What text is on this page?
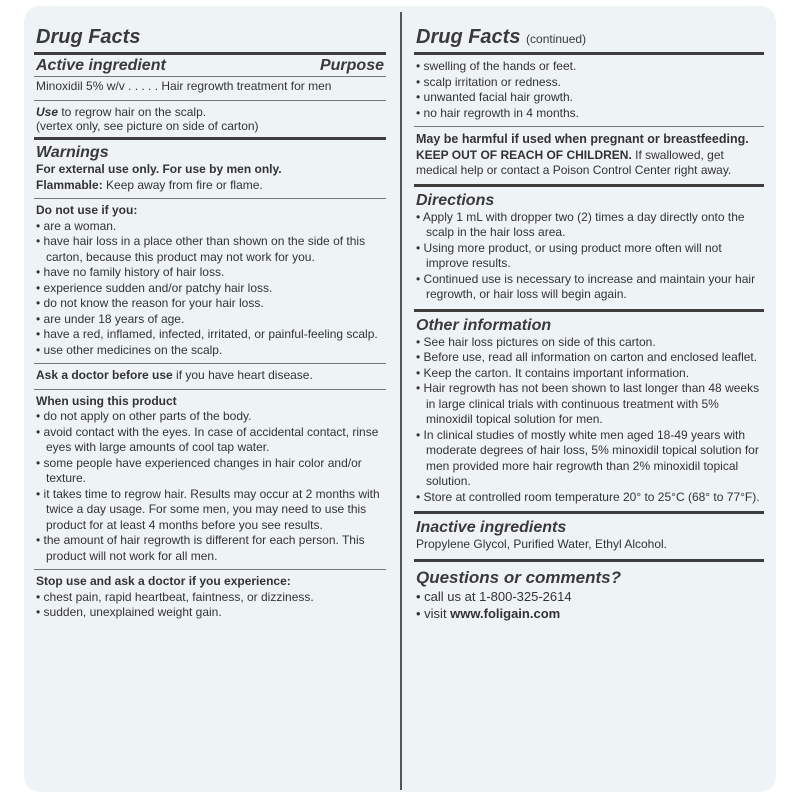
Drug Facts
Active ingredient	Purpose
Minoxidil 5% w/v . . . . . Hair regrowth treatment for men
Use to regrow hair on the scalp.
(vertex only, see picture on side of carton)
Warnings
For external use only. For use by men only.
Flammable: Keep away from fire or flame.
Do not use if you:
• are a woman.
• have hair loss in a place other than shown on the side of this carton, because this product may not work for you.
• have no family history of hair loss.
• experience sudden and/or patchy hair loss.
• do not know the reason for your hair loss.
• are under 18 years of age.
• have a red, inflamed, infected, irritated, or painful-feeling scalp.
• use other medicines on the scalp.
Ask a doctor before use if you have heart disease.
When using this product
• do not apply on other parts of the body.
• avoid contact with the eyes. In case of accidental contact, rinse eyes with large amounts of cool tap water.
• some people have experienced changes in hair color and/or texture.
• it takes time to regrow hair. Results may occur at 2 months with twice a day usage. For some men, you may need to use this product for at least 4 months before you see results.
• the amount of hair regrowth is different for each person. This product will not work for all men.
Stop use and ask a doctor if you experience:
• chest pain, rapid heartbeat, faintness, or dizziness.
• sudden, unexplained weight gain.
Drug Facts (continued)
• swelling of the hands or feet.
• scalp irritation or redness.
• unwanted facial hair growth.
• no hair regrowth in 4 months.
May be harmful if used when pregnant or breastfeeding.
KEEP OUT OF REACH OF CHILDREN. If swallowed, get medical help or contact a Poison Control Center right away.
Directions
• Apply 1 mL with dropper two (2) times a day directly onto the scalp in the hair loss area.
• Using more product, or using product more often will not improve results.
• Continued use is necessary to increase and maintain your hair regrowth, or hair loss will begin again.
Other information
• See hair loss pictures on side of this carton.
• Before use, read all information on carton and enclosed leaflet.
• Keep the carton. It contains important information.
• Hair regrowth has not been shown to last longer than 48 weeks in large clinical trials with continuous treatment with 5% minoxidil topical solution for men.
• In clinical studies of mostly white men aged 18-49 years with moderate degrees of hair loss, 5% minoxidil topical solution for men provided more hair regrowth than 2% minoxidil topical solution.
• Store at controlled room temperature 20° to 25°C (68° to 77°F).
Inactive ingredients
Propylene Glycol, Purified Water, Ethyl Alcohol.
Questions or comments?
• call us at 1-800-325-2614
• visit www.foligain.com
